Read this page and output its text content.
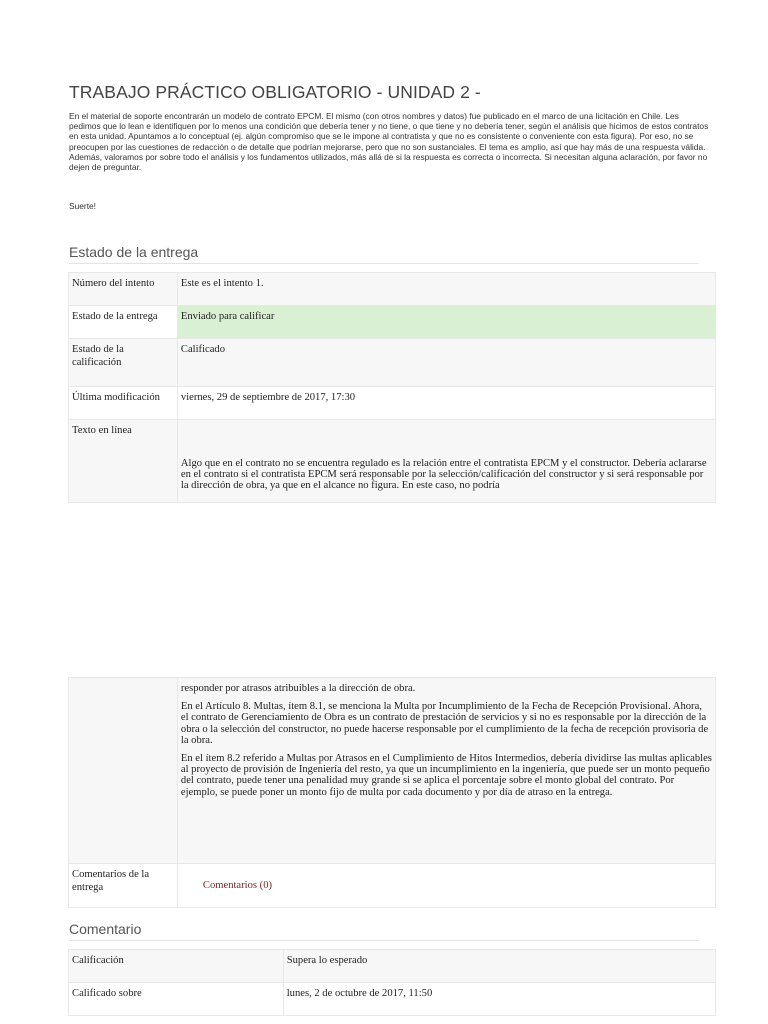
TRABAJO PRÁCTICO OBLIGATORIO - UNIDAD 2 -

En el material de soporte encontrarán un modelo de contrato EPCM. El mismo (con otros nombres y datos) fue publicado en el marco de una licitación en Chile. Les pedimos que lo lean e identifiquen por lo menos una condición que debería tener y no tiene, o que tiene y no debería tener, según el análisis que hicimos de estos contratos en esta unidad. Apuntamos a lo conceptual (ej. algún compromiso que se le impone al contratista y que no es consistente o conveniente con esta figura). Por eso, no se preocupen por las cuestiones de redacción o de detalle que podrían mejorarse, pero que no son sustanciales. El tema es amplio, así que hay más de una respuesta válida. Además, valoramos por sobre todo el análisis y los fundamentos utilizados, más allá de si la respuesta es correcta o incorrecta. Si necesitan alguna aclaración, por favor no dejen de preguntar.

Suerte!

Estado de la entrega
Número del intento	Este es el intento 1.

Estado de la entrega	Enviado para calificar

Estado de la calificación	Calificado

Última modificación	viernes, 29 de septiembre de 2017, 17:30

Texto en línea	Algo que en el contrato no se encuentra regulado es la relación entre el contratista EPCM y el constructor. Debería aclararse en el contrato si el contratista EPCM será responsable por la selección/calificación del constructor y si será responsable por la dirección de obra, ya que en el alcance no figura. En este caso, no podría

	responder por atrasos atribuibles a la dirección de obra.

En el Artículo 8. Multas, ítem 8.1, se menciona la Multa por Incumplimiento de la Fecha de Recepción Provisional. Ahora, el contrato de Gerenciamiento de Obra es un contrato de prestación de servicios y si no es responsable por la dirección de la obra o la selección del constructor, no puede hacerse responsable por el cumplimiento de la fecha de recepción provisoria de la obra.

En el ítem 8.2 referido a Multas por Atrasos en el Cumplimiento de Hitos Intermedios, debería dividirse las multas aplicables al proyecto de provisión de Ingeniería del resto, ya que un incumplimiento en la ingeniería, que puede ser un monto pequeño del contrato, puede tener una penalidad muy grande si se aplica el porcentaje sobre el monto global del contrato. Por ejemplo, se puede poner un monto fijo de multa por cada documento y por día de atraso en la entrega.

Comentarios de la entrega	Comentarios (0)
Comentario
Calificación	Supera lo esperado

Calificado sobre	lunes, 2 de octubre de 2017, 11:50
